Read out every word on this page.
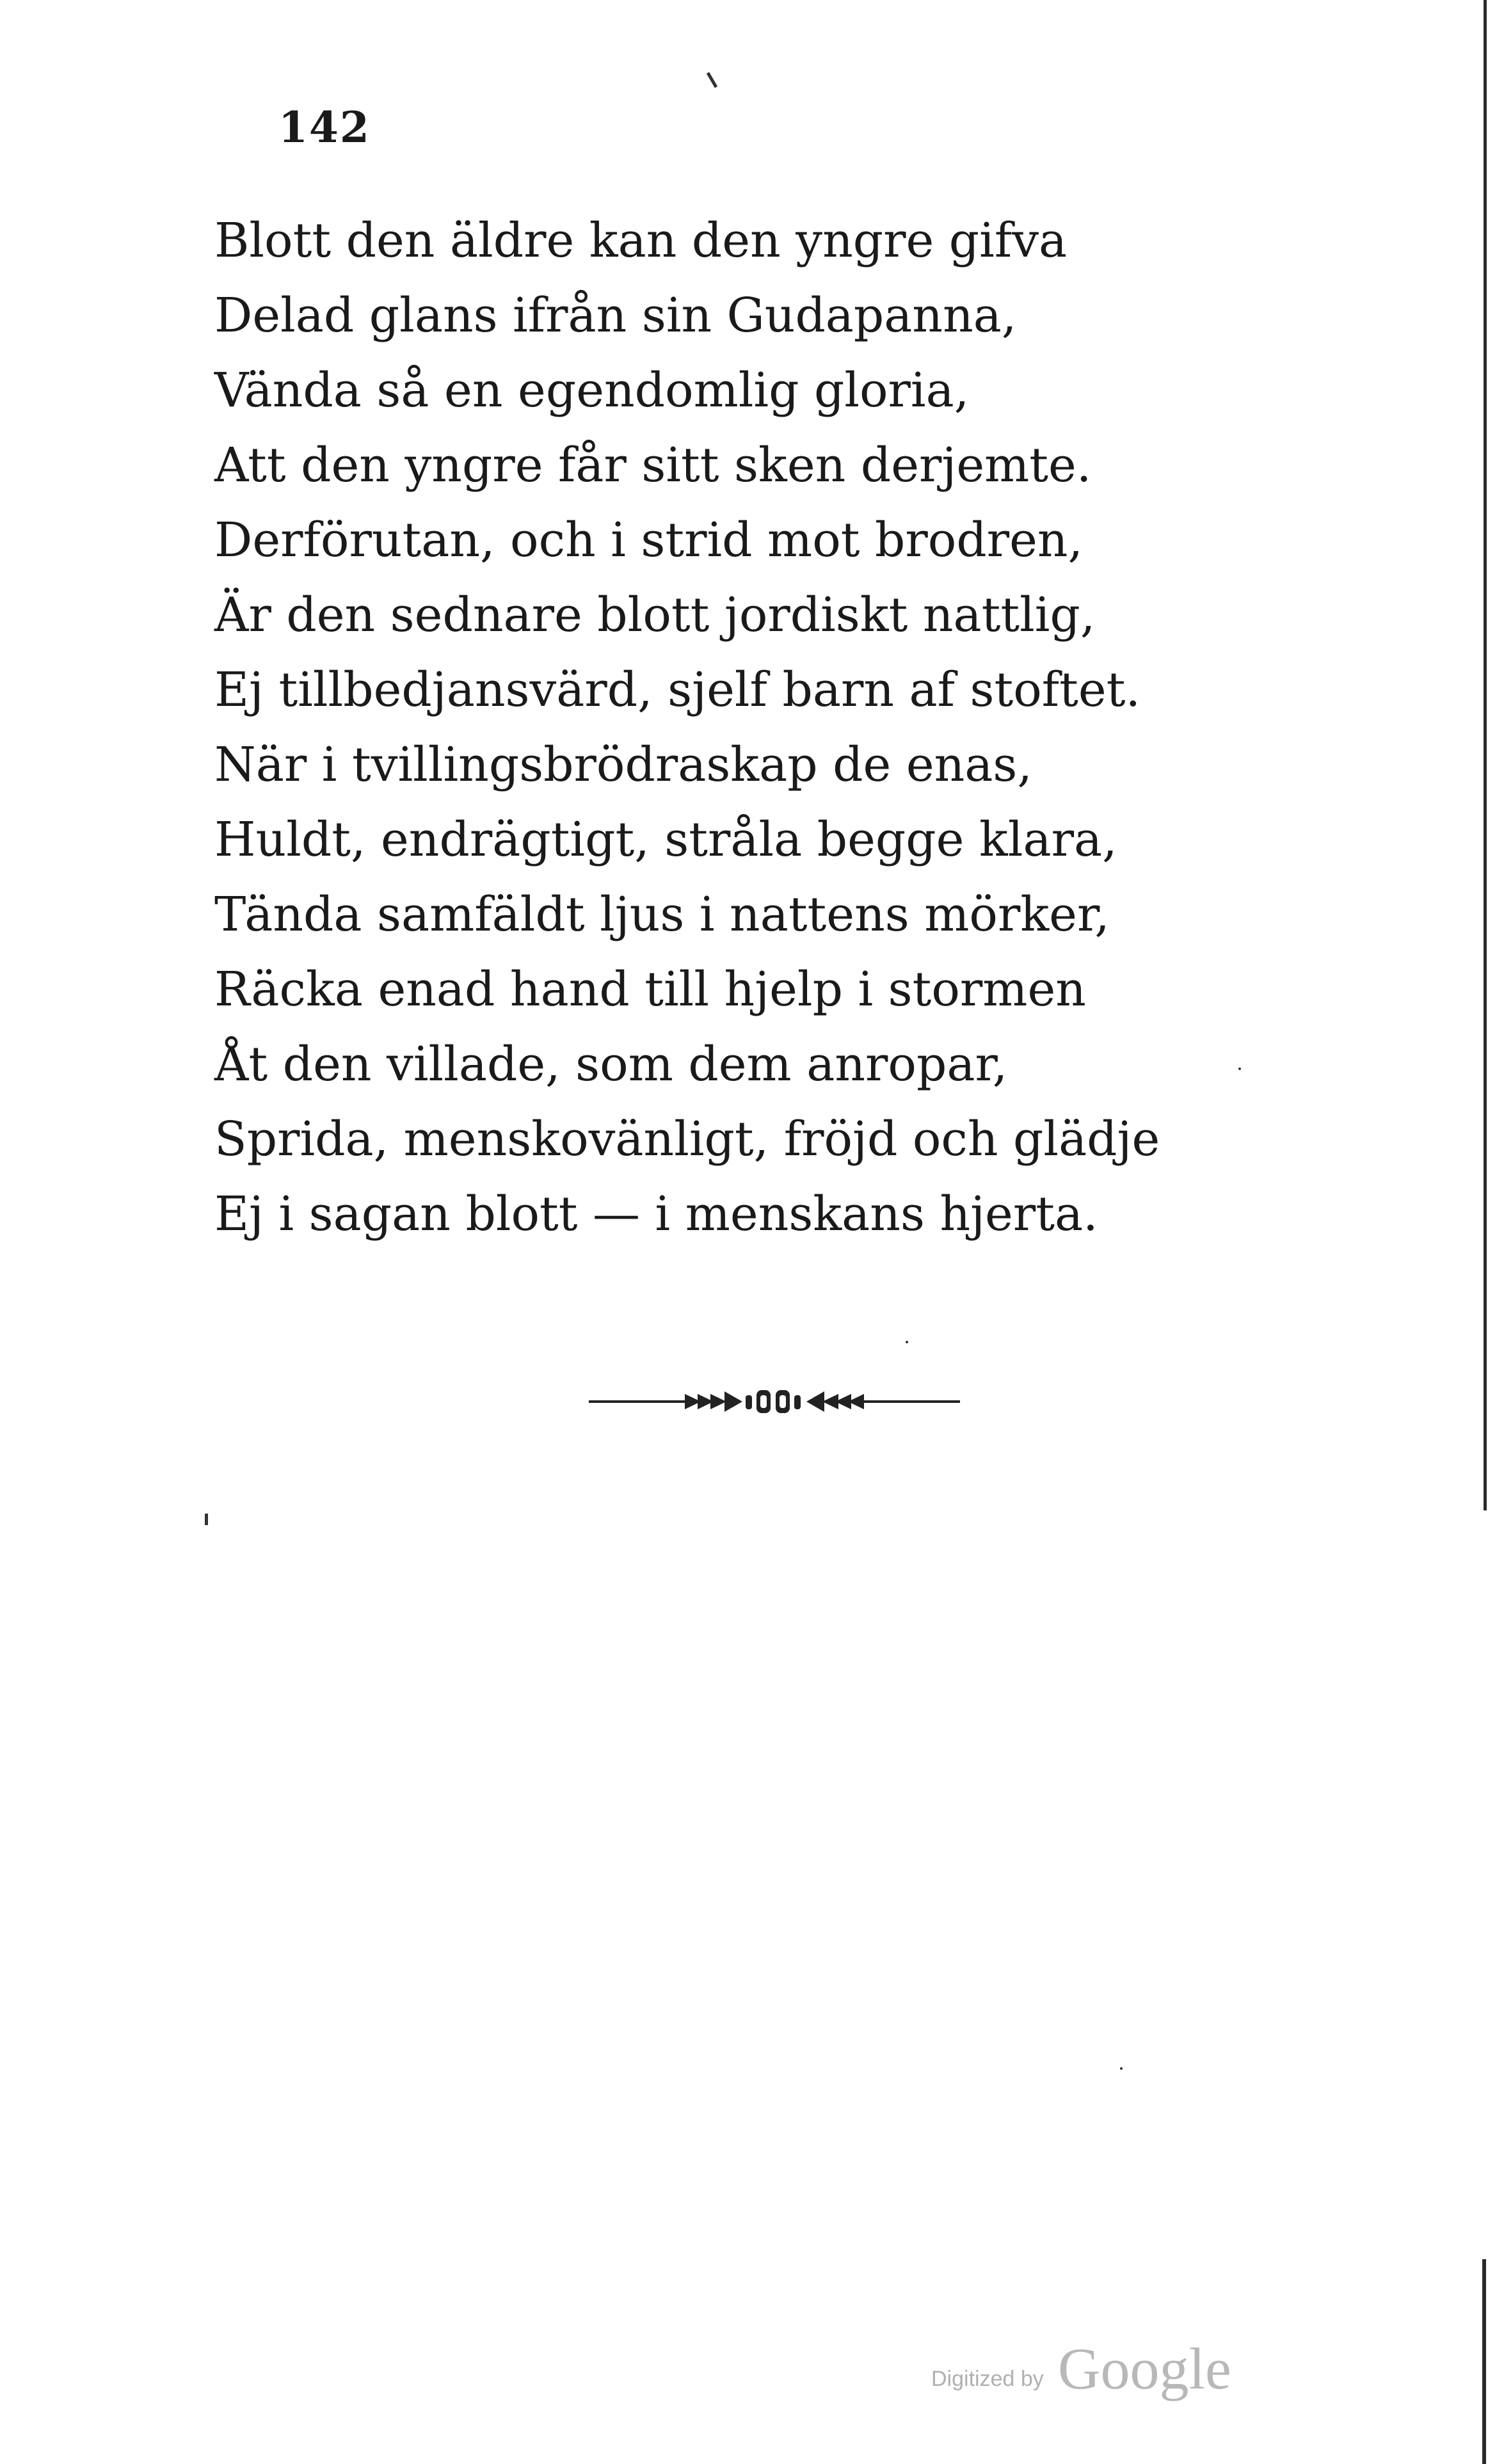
142
Blott den äldre kan den yngre gifva
Delad glans ifrån sin Gudapanna,
Vända så en egendomlig gloria,
Att den yngre får sitt sken derjemte.
Derförutan, och i strid mot brodren,
Är den sednare blott jordiskt nattlig,
Ej tillbedjansvärd, sjelf barn af stoftet.
När i tvillingsbrödraskap de enas,
Huldt, endrägtigt, stråla begge klara,
Tända samfäldt ljus i nattens mörker,
Räcka enad hand till hjelp i stormen
Åt den villade, som dem anropar,
Sprida, menskovänligt, fröjd och glädje
Ej i sagan blott — i menskans hjerta.
Digitized by Google
